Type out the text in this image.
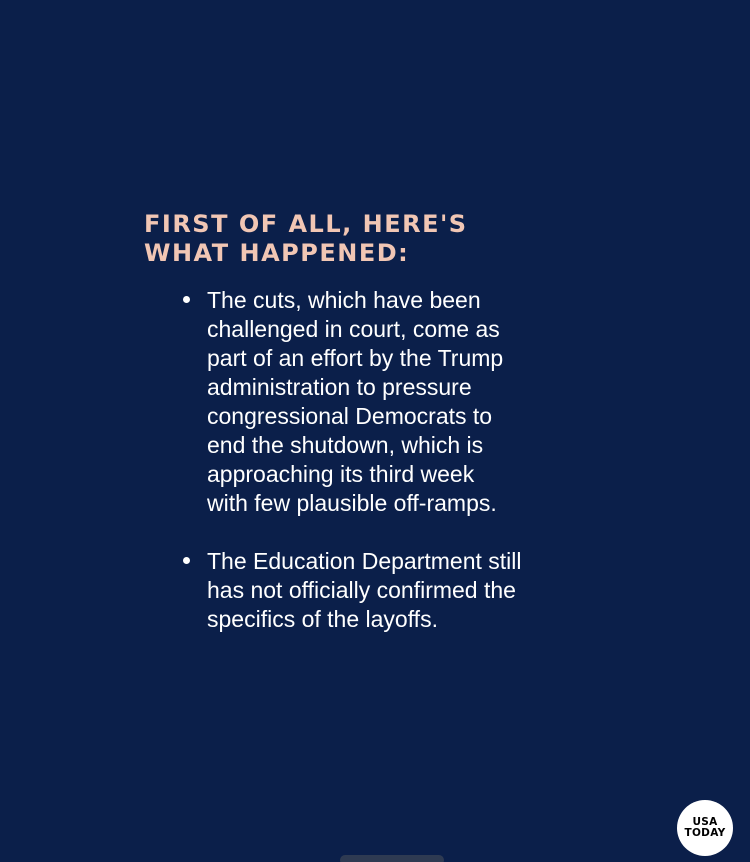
FIRST OF ALL, HERE'S
WHAT HAPPENED:
The cuts, which have been
challenged in court, come as
part of an effort by the Trump
administration to pressure
congressional Democrats to
end the shutdown, which is
approaching its third week
with few plausible off-ramps.
The Education Department still
has not officially confirmed the
specifics of the layoffs.
USA
TODAY
